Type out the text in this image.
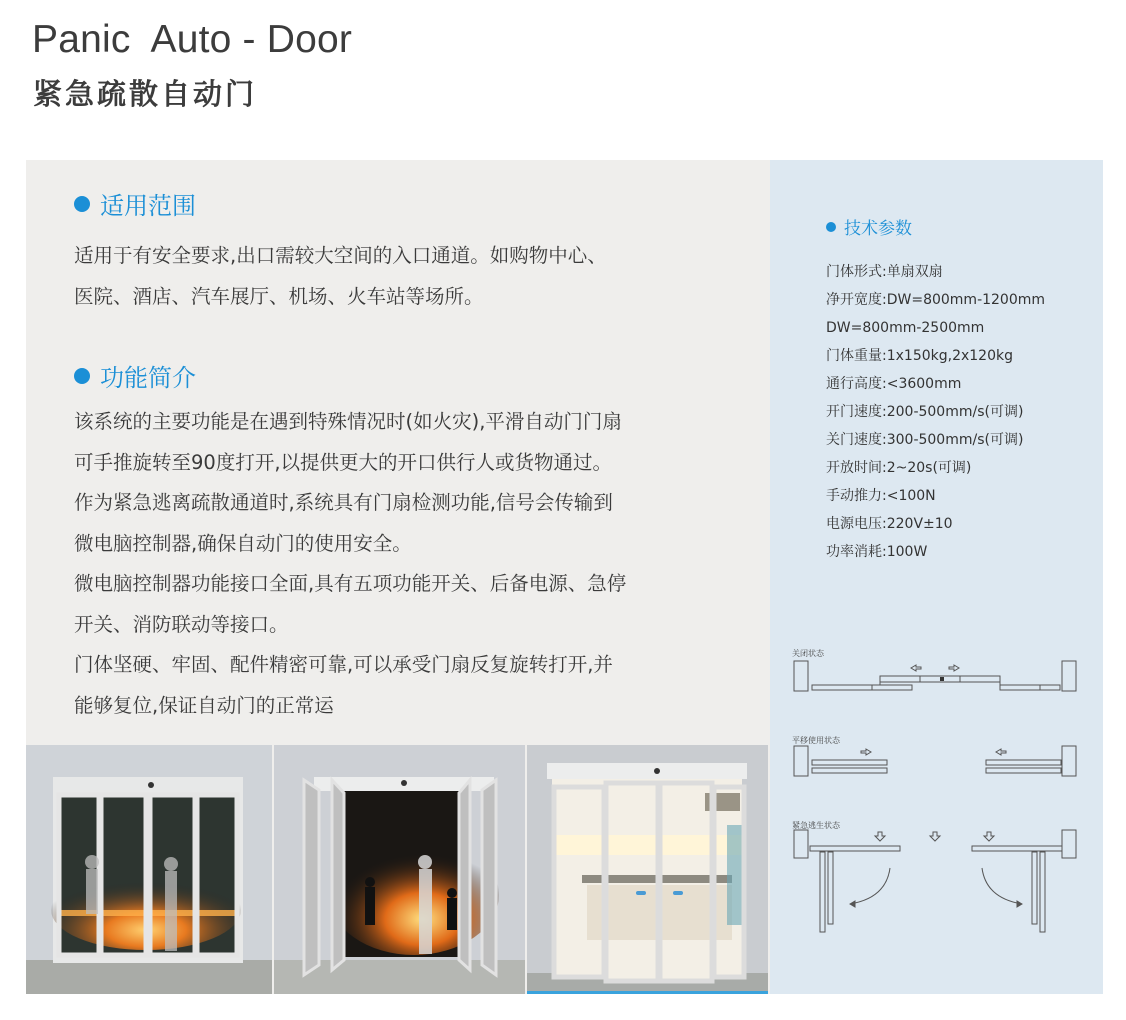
Panic  Auto - Door
紧急疏散自动门
适用范围
适用于有安全要求,出口需较大空间的入口通道。如购物中心、
医院、酒店、汽车展厅、机场、火车站等场所。
功能简介
该系统的主要功能是在遇到特殊情况时(如火灾),平滑自动门门扇
可手推旋转至90度打开,以提供更大的开口供行人或货物通过。
作为紧急逃离疏散通道时,系统具有门扇检测功能,信号会传输到
微电脑控制器,确保自动门的使用安全。
微电脑控制器功能接口全面,具有五项功能开关、后备电源、急停
开关、消防联动等接口。
门体坚硬、牢固、配件精密可靠,可以承受门扇反复旋转打开,并
能够复位,保证自动门的正常运
技术参数
门体形式:单扇双扇
净开宽度:DW=800mm-1200mm
DW=800mm-2500mm
门体重量:1x150kg,2x120kg
通行高度:<3600mm
开门速度:200-500mm/s(可调)
关门速度:300-500mm/s(可调)
开放时间:2~20s(可调)
手动推力:<100N
电源电压:220V±10
功率消耗:100W
关闭状态
平移使用状态
紧急逃生状态
